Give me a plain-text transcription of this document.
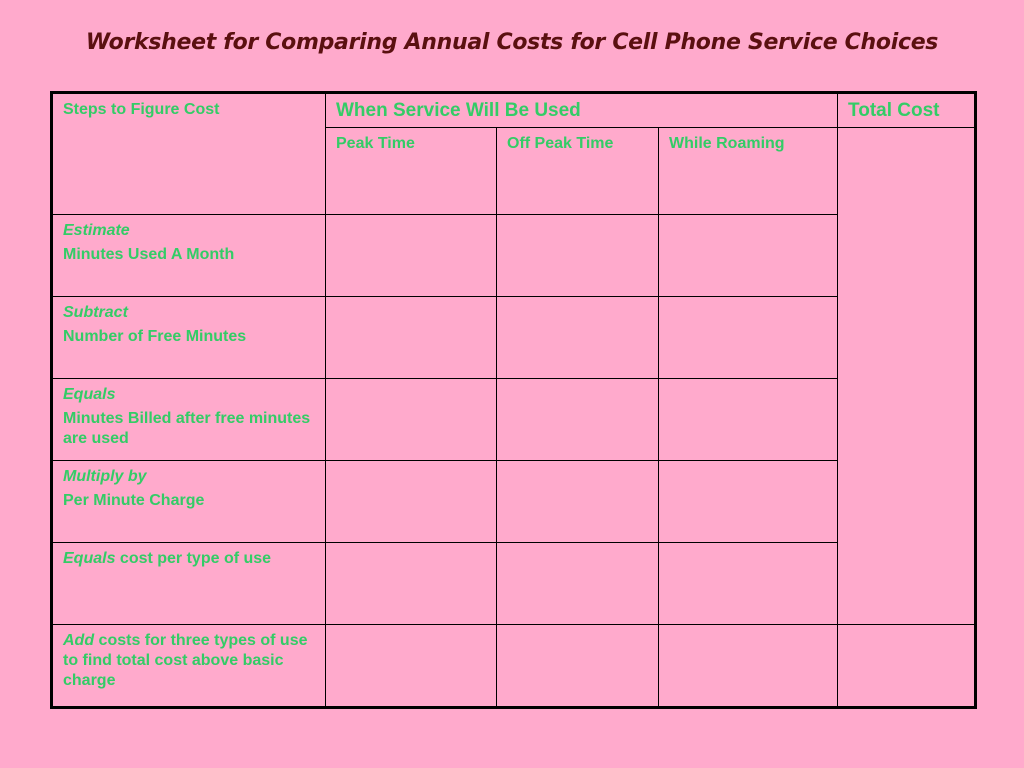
Worksheet for Comparing Annual Costs for Cell Phone Service Choices
Steps to Figure Cost	When Service Will Be Used			Total Cost
	Peak Time	Off Peak Time	While Roaming	

Estimate
Minutes Used A Month				

Subtract
Number of Free Minutes				

Equals
Minutes Billed after free minutes are used				

Multiply by
Per Minute Charge				

Equals cost per type of use				
Add costs for three types of use to find total cost above basic charge				
